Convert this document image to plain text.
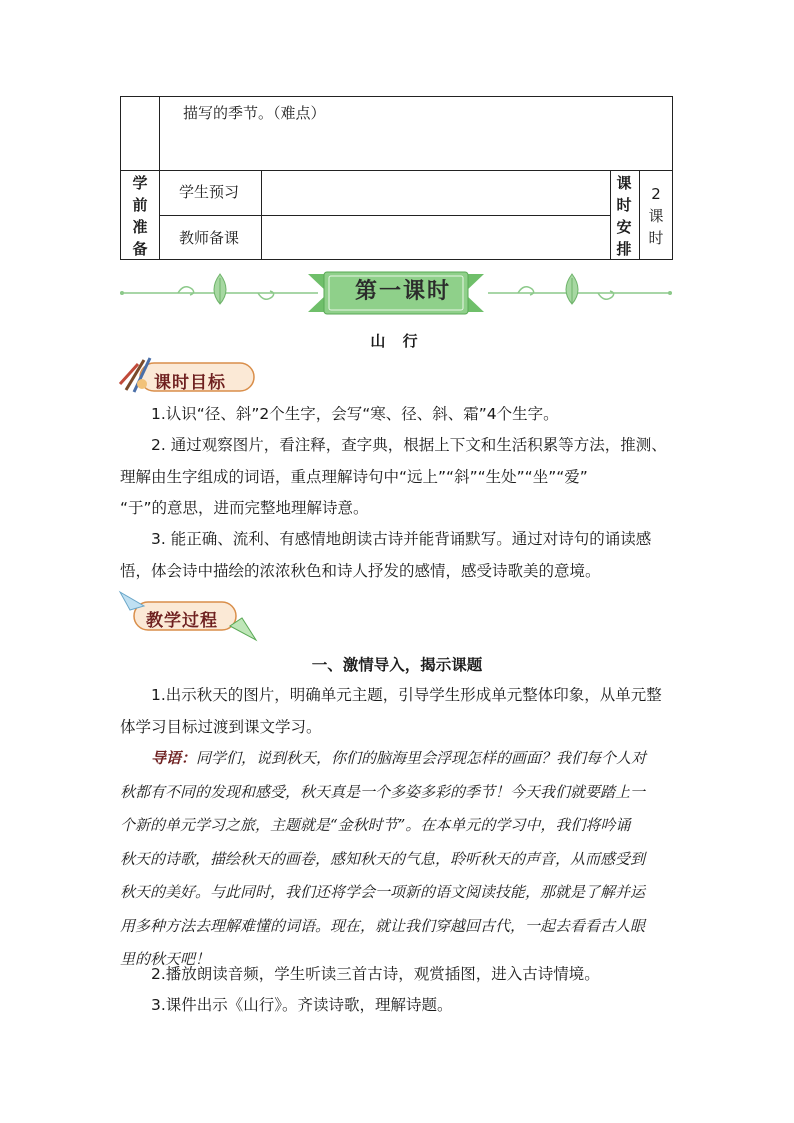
描写的季节。（难点）
学
前
准
备
学生预习
教师备课
课
时
安
排
2
课
时
第一课时
山 行
课时目标
1.认识“径、斜”2个生字，会写“寒、径、斜、霜”4个生字。
2. 通过观察图片，看注释，查字典，根据上下文和生活积累等方法，推测、
理解由生字组成的词语，重点理解诗句中“远上”“斜”“生处”“坐”“爱”
“于”的意思，进而完整地理解诗意。
3. 能正确、流利、有感情地朗读古诗并能背诵默写。通过对诗句的诵读感
悟，体会诗中描绘的浓浓秋色和诗人抒发的感情，感受诗歌美的意境。
教学过程
一、激情导入，揭示课题
1.出示秋天的图片，明确单元主题，引导学生形成单元整体印象，从单元整
体学习目标过渡到课文学习。
导语：同学们，说到秋天，你们的脑海里会浮现怎样的画面？我们每个人对
秋都有不同的发现和感受，秋天真是一个多姿多彩的季节！今天我们就要踏上一
个新的单元学习之旅，主题就是“金秋时节”。在本单元的学习中，我们将吟诵
秋天的诗歌，描绘秋天的画卷，感知秋天的气息，聆听秋天的声音，从而感受到
秋天的美好。与此同时，我们还将学会一项新的语文阅读技能，那就是了解并运
用多种方法去理解难懂的词语。现在，就让我们穿越回古代，一起去看看古人眼
里的秋天吧！
2.播放朗读音频，学生听读三首古诗，观赏插图，进入古诗情境。
3.课件出示《山行》。齐读诗歌，理解诗题。
